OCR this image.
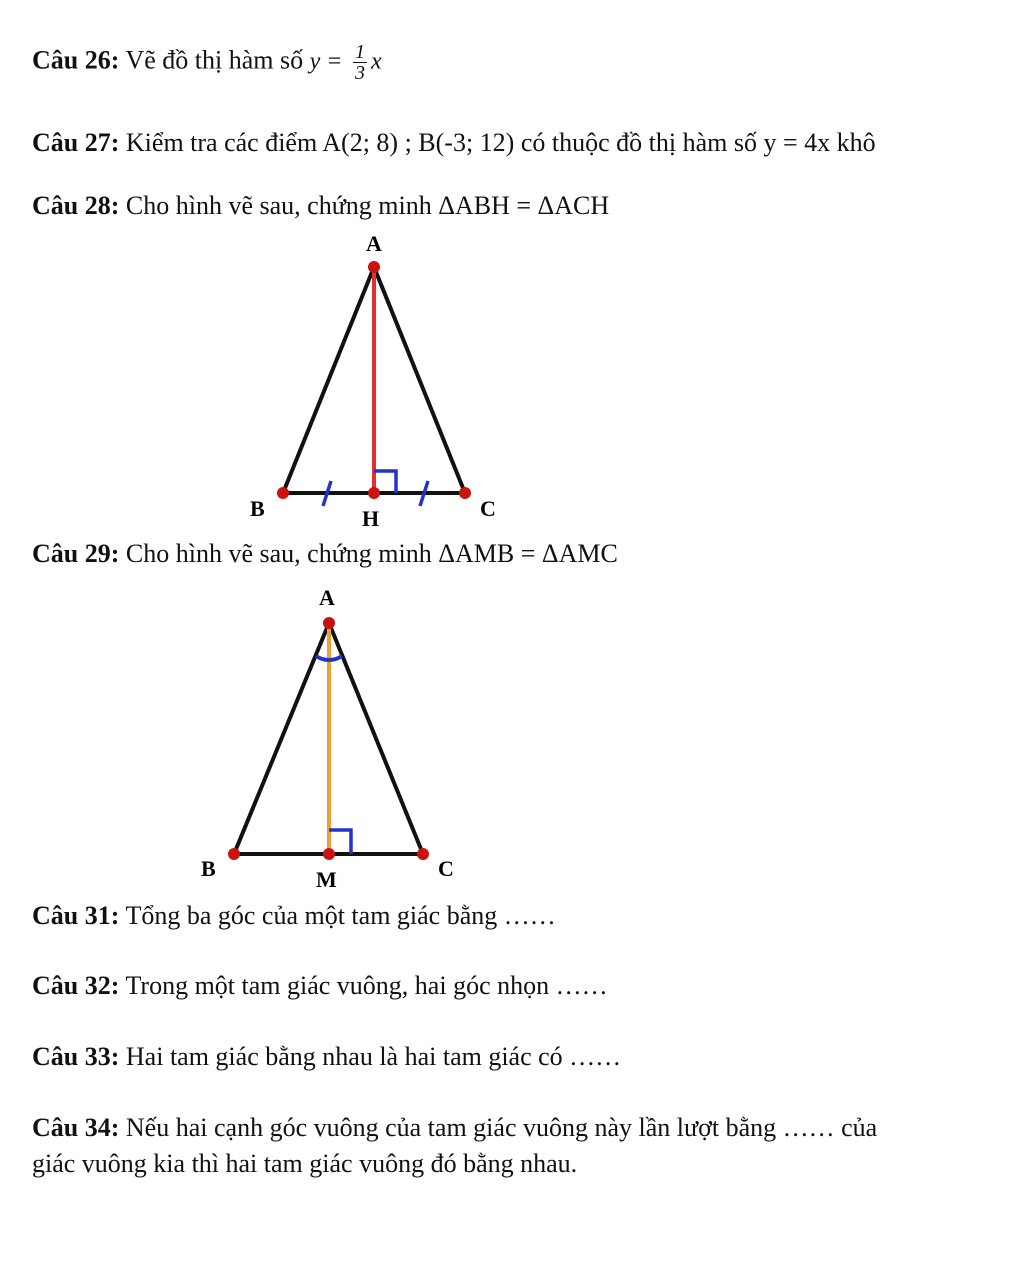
Câu 26: Vẽ đồ thị hàm số $y = \frac{1}{3}$ x
Câu 27: Kiểm tra các điểm A(2; 8) ; B(-3; 12) có thuộc đồ thị hàm số y = 4x khô
Câu 28: Cho hình vẽ sau, chứng minh ΔABH = ΔACH
A
B	H	C
Câu 29: Cho hình vẽ sau, chứng minh ΔAMB = ΔAMC
A
B	M	C
Câu 31: Tổng ba góc của một tam giác bằng ……
Câu 32: Trong một tam giác vuông, hai góc nhọn ……
Câu 33: Hai tam giác bằng nhau là hai tam giác có ……
Câu 34: Nếu hai cạnh góc vuông của tam giác vuông này lần lượt bằng …… của
giác vuông kia thì hai tam giác vuông đó bằng nhau.
